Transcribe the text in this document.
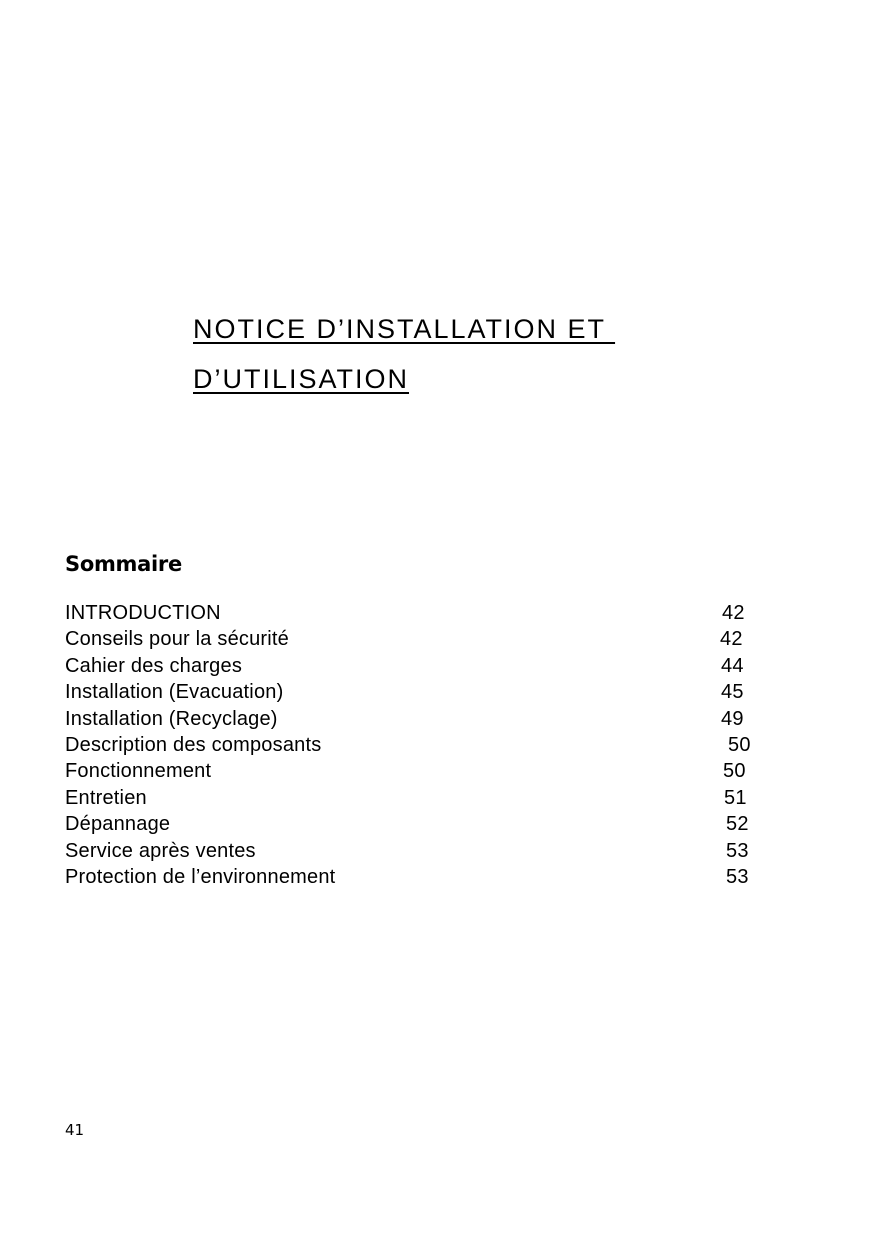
NOTICE D’INSTALLATION ET
D’UTILISATION
Sommaire
INTRODUCTION	42
Conseils pour la sécurité	42
Cahier des charges	44
Installation (Evacuation)	45
Installation (Recyclage)	49
Description des composants	50
Fonctionnement	50
Entretien	51
Dépannage	52
Service après ventes	53
Protection de l’environnement	53
41
